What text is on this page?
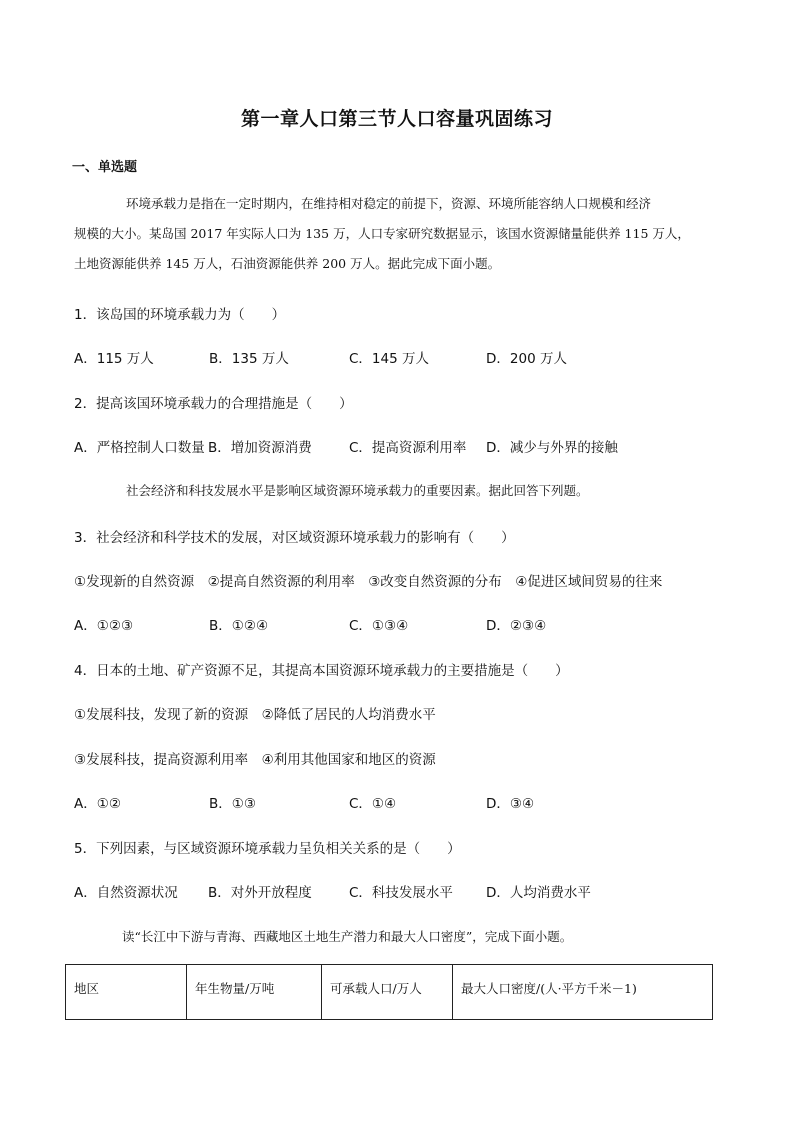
第一章人口第三节人口容量巩固练习
一、单选题

环境承载力是指在一定时期内，在维持相对稳定的前提下，资源、环境所能容纳人口规模和经济

规模的大小。某岛国 2017 年实际人口为 135 万，人口专家研究数据显示，该国水资源储量能供养 115 万人，

土地资源能供养 145 万人，石油资源能供养 200 万人。据此完成下面小题。

1．该岛国的环境承载力为（　　）
A．115 万人	B．135 万人	C．145 万人	D．200 万人
2．提高该国环境承载力的合理措施是（　　）
A．严格控制人口数量 B．增加资源消费	C．提高资源利用率 D．减少与外界的接触
社会经济和科技发展水平是影响区域资源环境承载力的重要因素。据此回答下列题。
3．社会经济和科学技术的发展，对区域资源环境承载力的影响有（　　）
①发现新的自然资源　②提高自然资源的利用率　③改变自然资源的分布　④促进区域间贸易的往来
A．①②③	B．①②④	C．①③④	D．②③④
4．日本的土地、矿产资源不足，其提高本国资源环境承载力的主要措施是（　　）
①发展科技，发现了新的资源　②降低了居民的人均消费水平
③发展科技，提高资源利用率　④利用其他国家和地区的资源
A．①②	B．①③	C．①④	D．③④
5．下列因素，与区域资源环境承载力呈负相关关系的是（　　）
A．自然资源状况 B．对外开放程度	C．科技发展水平 D．人均消费水平
读“长江中下游与青海、西藏地区土地生产潜力和最大人口密度”，完成下面小题。
地区	年生物量/万吨	可承载人口/万人	最大人口密度/(人·平方千米－1)
